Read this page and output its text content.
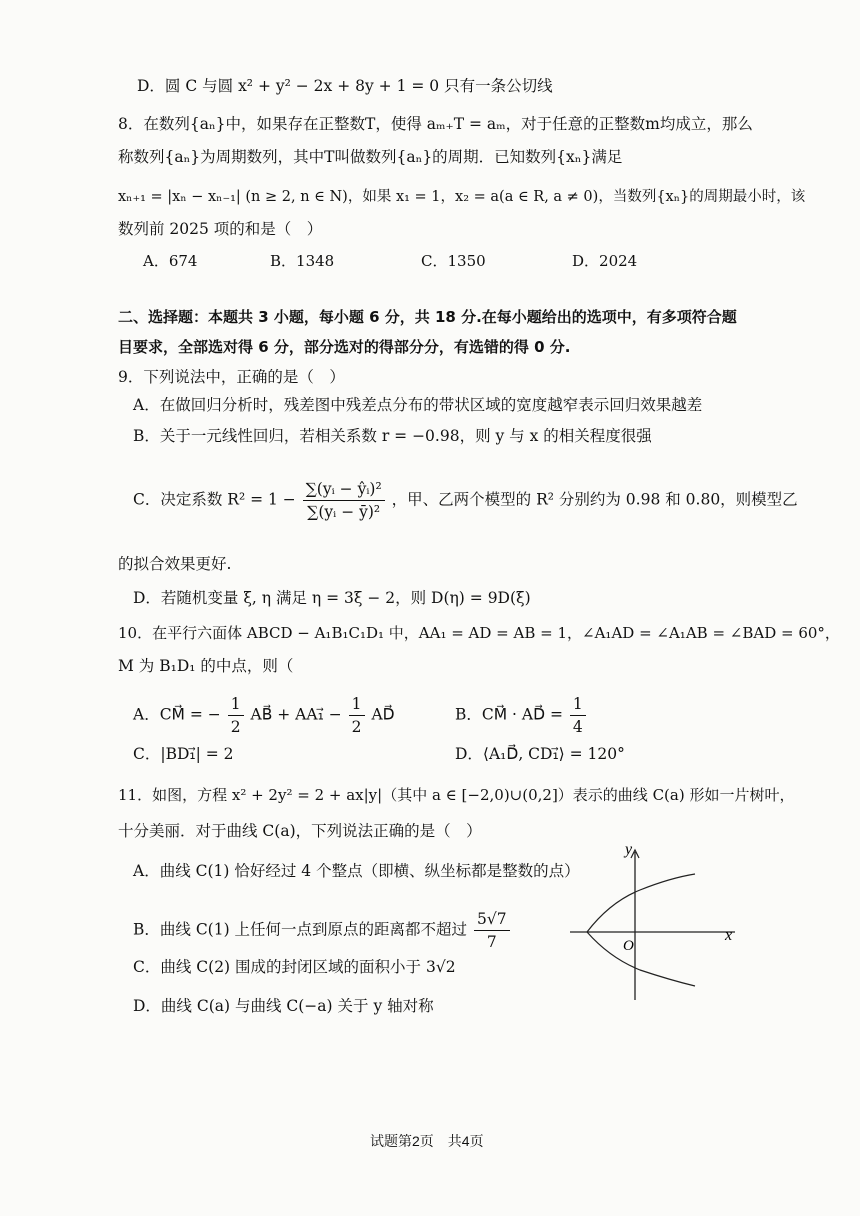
D．圆 C 与圆 x² + y² − 2x + 8y + 1 = 0 只有一条公切线
8．在数列{aₙ}中，如果存在正整数T，使得 aₘ₊T = aₘ，对于任意的正整数m均成立，那么
称数列{aₙ}为周期数列，其中T叫做数列{aₙ}的周期．已知数列{xₙ}满足
xₙ₊₁ = |xₙ − xₙ₋₁| (n ≥ 2, n ∈ N)，如果 x₁ = 1，x₂ = a(a ∈ R, a ≠ 0)，当数列{xₙ}的周期最小时，该
数列前 2025 项的和是（　）
A．674	B．1348	C．1350	D．2024
二、选择题：本题共 3 小题，每小题 6 分，共 18 分.在每小题给出的选项中，有多项符合题
目要求，全部选对得 6 分，部分选对的得部分分，有选错的得 0 分.
9．下列说法中，正确的是（　）
A．在做回归分析时，残差图中残差点分布的带状区域的宽度越窄表示回归效果越差
B．关于一元线性回归，若相关系数 r = −0.98，则 y 与 x 的相关程度很强
C．决定系数 $R^2 = 1 - \frac{\text{∑(yᵢ − ŷᵢ)²}}{\text{∑(yᵢ − ȳ)²}}$ ，甲、乙两个模型的 R² 分别约为 0.98 和 0.80，则模型乙
的拟合效果更好.
D．若随机变量 ξ, η 满足 η = 3ξ − 2，则 D(η) = 9D(ξ)
10．在平行六面体 ABCD − A₁B₁C₁D₁ 中，AA₁ = AD = AB = 1，∠A₁AD = ∠A₁AB = ∠BAD = 60°，
M 为 B₁D₁ 的中点，则（
A．CM⃗ = − $\frac{1}{2}$ AB⃗ + AA₁⃗ − $\frac{1}{2}$ AD⃗	B．CM⃗ · AD⃗ = $\frac{1}{4}$
C．|BD₁⃗| = 2	D．⟨A₁D⃗, CD₁⃗⟩ = 120°
11．如图，方程 x² + 2y² = 2 + ax|y|（其中 a ∈ [−2,0)∪(0,2]）表示的曲线 C(a) 形如一片树叶，
十分美丽．对于曲线 C(a)，下列说法正确的是（　）
A．曲线 C(1) 恰好经过 4 个整点（即横、纵坐标都是整数的点）
B．曲线 C(1) 上任何一点到原点的距离都不超过 $\frac{5√7}{7}$
C．曲线 C(2) 围成的封闭区域的面积小于 3√2
D．曲线 C(a) 与曲线 C(−a) 关于 y 轴对称
y
x
O
试题第2页　共4页
